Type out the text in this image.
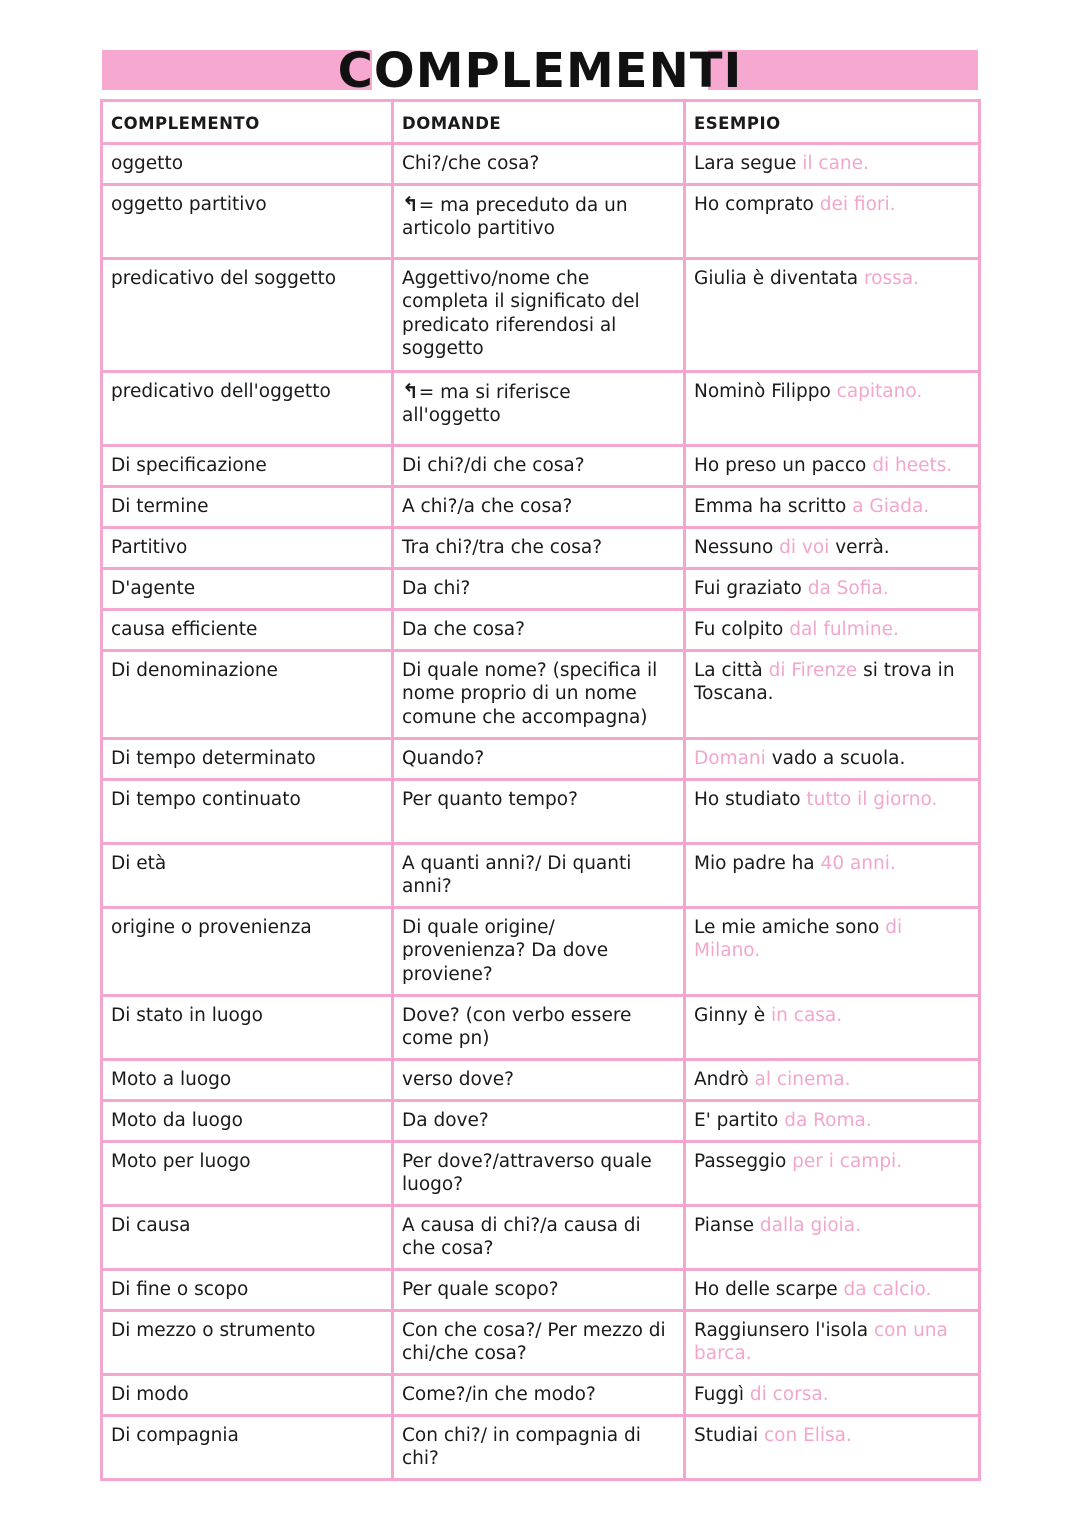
COMPLEMENTI
COMPLEMENTO	DOMANDE	ESEMPIO
oggetto	Chi?/che cosa?	Lara segue il cane.
oggetto partitivo	↰= ma preceduto da un articolo partitivo	Ho comprato dei fiori.
predicativo del soggetto	Aggettivo/nome che completa il significato del predicato riferendosi al soggetto	Giulia è diventata rossa.
predicativo dell'oggetto	↰= ma si riferisce all'oggetto	Nominò Filippo capitano.
Di specificazione	Di chi?/di che cosa?	Ho preso un pacco di heets.
Di termine	A chi?/a che cosa?	Emma ha scritto a Giada.
Partitivo	Tra chi?/tra che cosa?	Nessuno di voi verrà.
D'agente	Da chi?	Fui graziato da Sofia.
causa efficiente	Da che cosa?	Fu colpito dal fulmine.
Di denominazione	Di quale nome? (specifica il nome proprio di un nome comune che accompagna)	La città di Firenze si trova in Toscana.
Di tempo determinato	Quando?	Domani vado a scuola.
Di tempo continuato	Per quanto tempo?	Ho studiato tutto il giorno.
Di età	A quanti anni?/ Di quanti anni?	Mio padre ha 40 anni.
origine o provenienza	Di quale origine/ provenienza? Da dove proviene?	Le mie amiche sono di Milano.
Di stato in luogo	Dove? (con verbo essere come pn)	Ginny è in casa.
Moto a luogo	verso dove?	Andrò al cinema.
Moto da luogo	Da dove?	E' partito da Roma.
Moto per luogo	Per dove?/attraverso quale luogo?	Passeggio per i campi.
Di causa	A causa di chi?/a causa di che cosa?	Pianse dalla gioia.
Di fine o scopo	Per quale scopo?	Ho delle scarpe da calcio.
Di mezzo o strumento	Con che cosa?/ Per mezzo di chi/che cosa?	Raggiunsero l'isola con una barca.
Di modo	Come?/in che modo?	Fuggì di corsa.
Di compagnia	Con chi?/ in compagnia di chi?	Studiai con Elisa.
